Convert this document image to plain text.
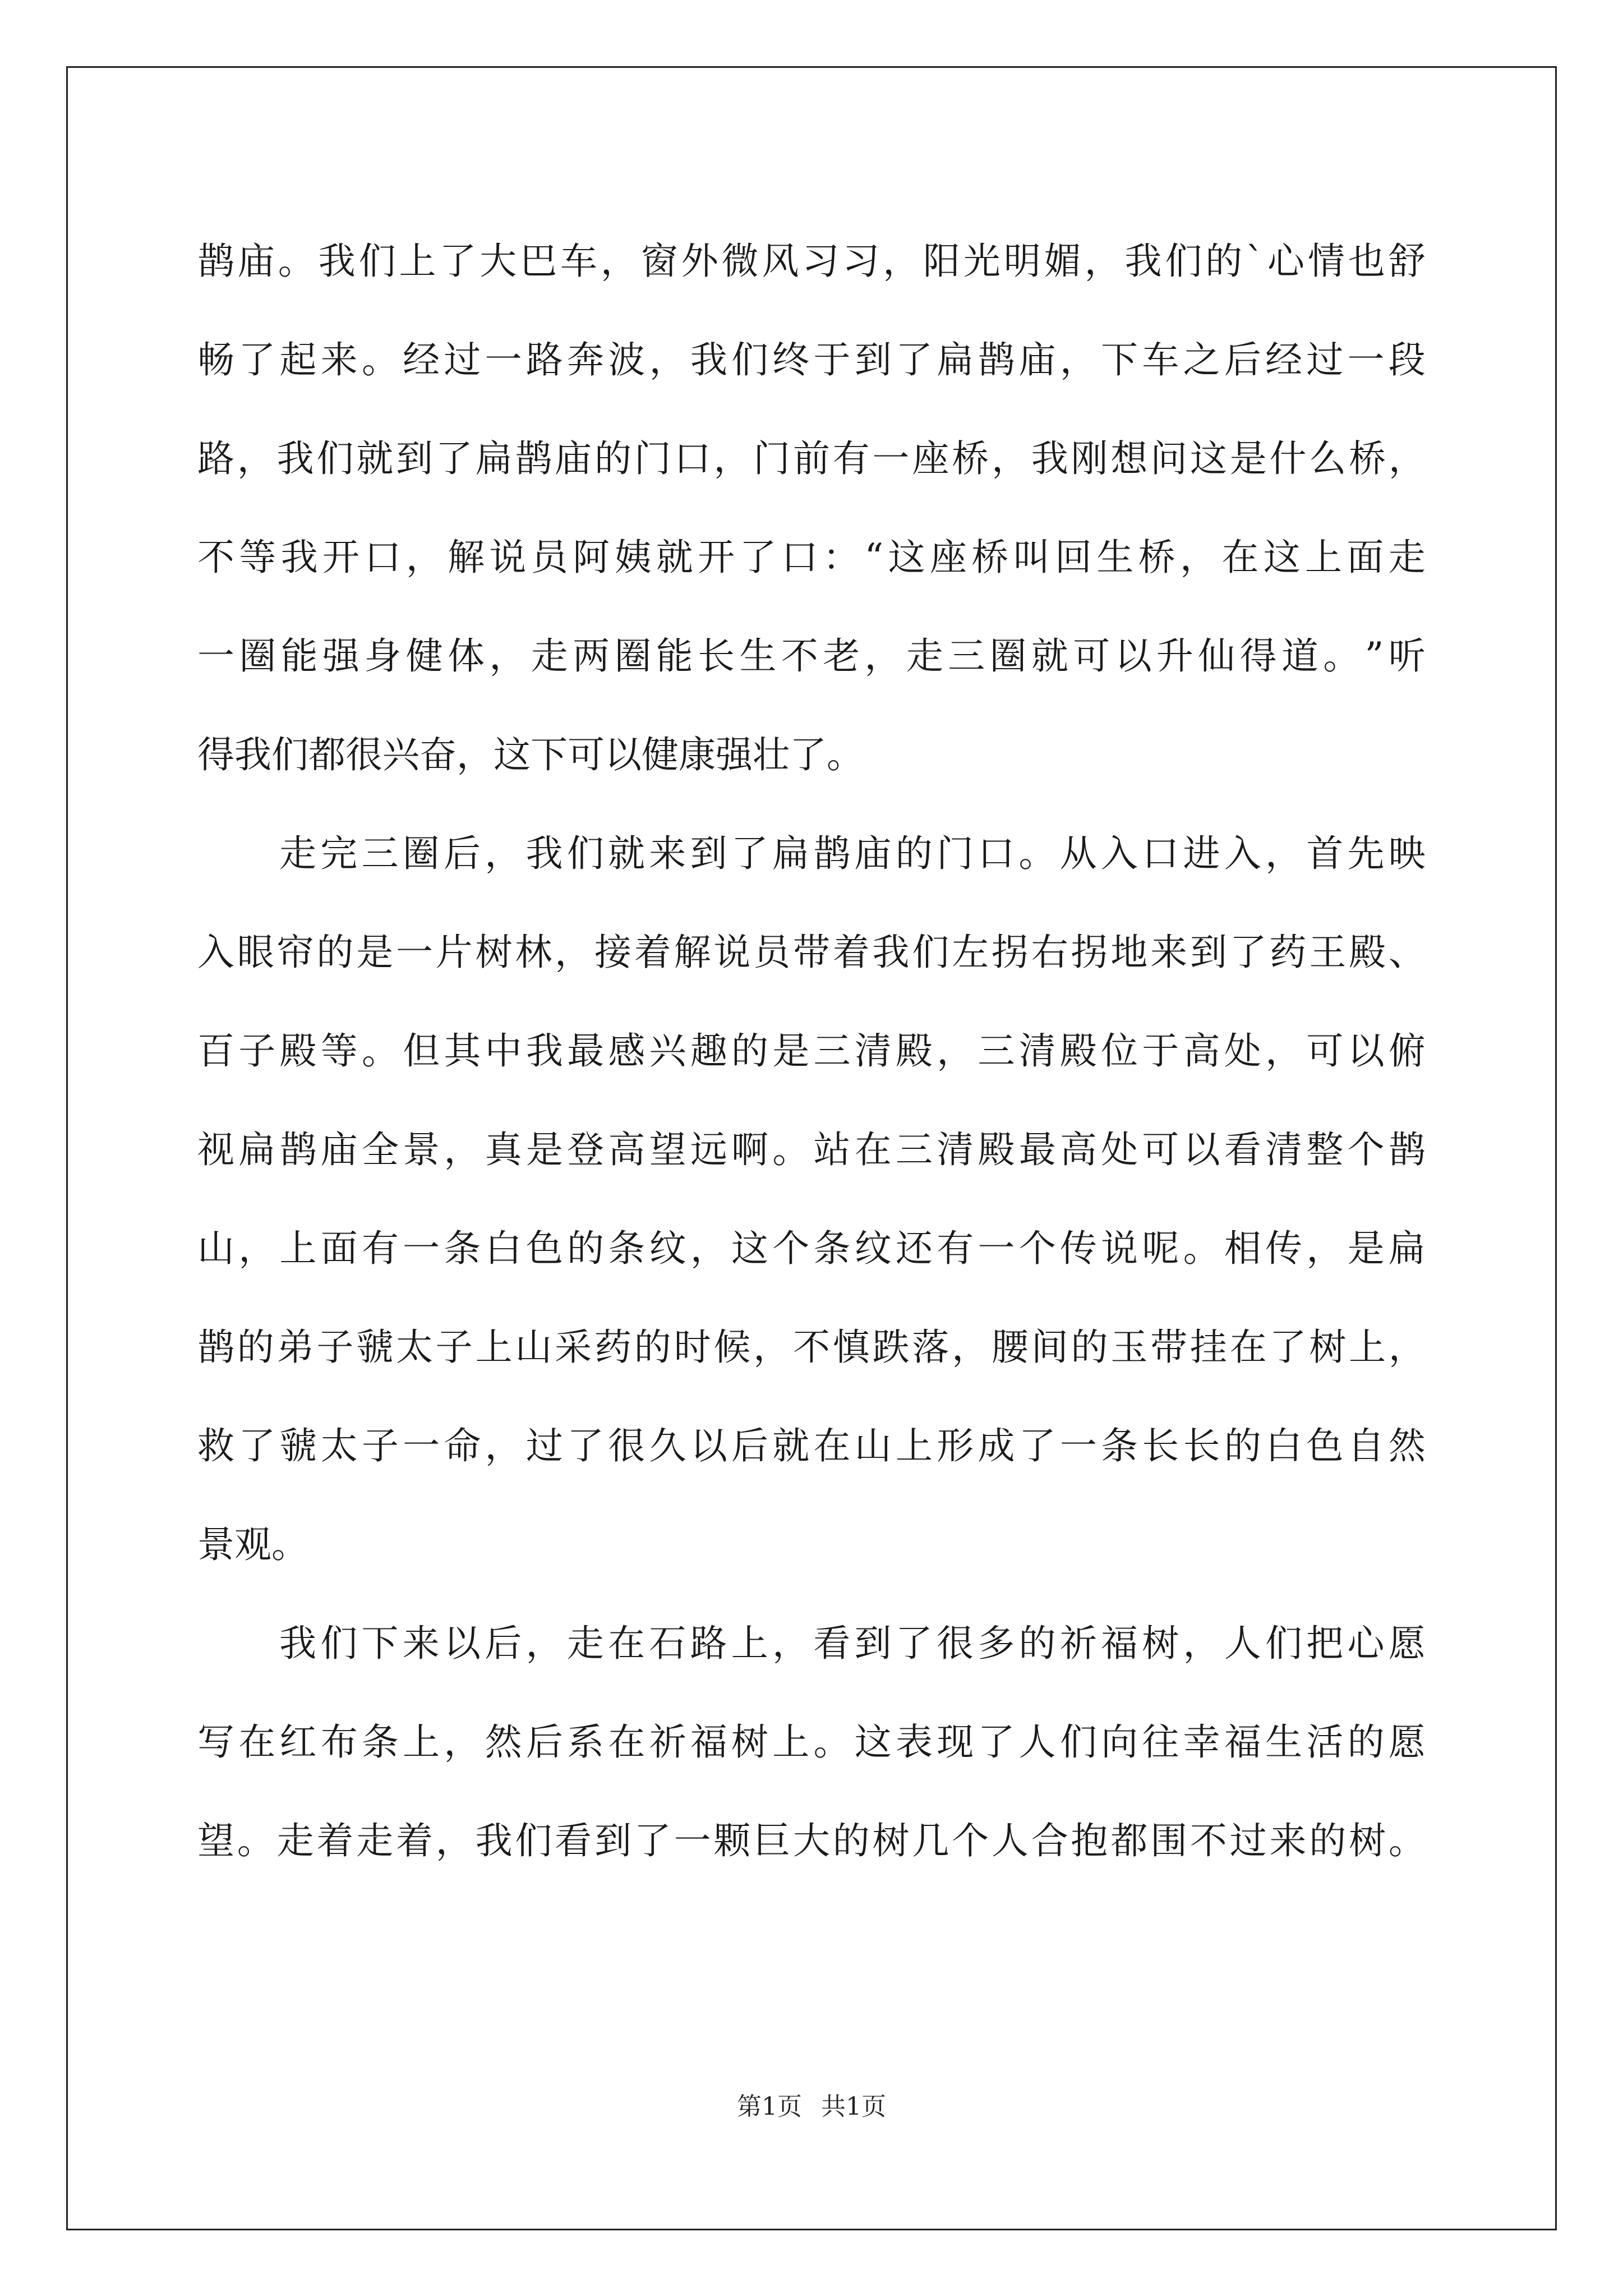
鹊 庙 。 我 们 上 了 大 巴 车 ， 窗 外 微 风 习 习 ， 阳 光 明 媚 ， 我 们 的 ` 心 情 也 舒
畅 了 起 来 。 经 过 一 路 奔 波 ， 我 们 终 于 到 了 扁 鹊 庙 ， 下 车 之 后 经 过 一 段
路 ， 我 们 就 到 了 扁 鹊 庙 的 门 口 ， 门 前 有 一 座 桥 ， 我 刚 想 问 这 是 什 么 桥 ，
不 等 我 开 口 ， 解 说 员 阿 姨 就 开 了 口 ： “ 这 座 桥 叫 回 生 桥 ， 在 这 上 面 走
一 圈 能 强 身 健 体 ， 走 两 圈 能 长 生 不 老 ， 走 三 圈 就 可 以 升 仙 得 道 。 ” 听
得我们都很兴奋，这下可以健康强壮了。
走 完 三 圈 后 ， 我 们 就 来 到 了 扁 鹊 庙 的 门 口 。 从 入 口 进 入 ， 首 先 映
入 眼 帘 的 是 一 片 树 林 ， 接 着 解 说 员 带 着 我 们 左 拐 右 拐 地 来 到 了 药 王 殿 、
百 子 殿 等 。 但 其 中 我 最 感 兴 趣 的 是 三 清 殿 ， 三 清 殿 位 于 高 处 ， 可 以 俯
视 扁 鹊 庙 全 景 ， 真 是 登 高 望 远 啊 。 站 在 三 清 殿 最 高 处 可 以 看 清 整 个 鹊
山 ， 上 面 有 一 条 白 色 的 条 纹 ， 这 个 条 纹 还 有 一 个 传 说 呢 。 相 传 ， 是 扁
鹊 的 弟 子 虢 太 子 上 山 采 药 的 时 候 ， 不 慎 跌 落 ， 腰 间 的 玉 带 挂 在 了 树 上 ，
救 了 虢 太 子 一 命 ， 过 了 很 久 以 后 就 在 山 上 形 成 了 一 条 长 长 的 白 色 自 然
景观。
我 们 下 来 以 后 ， 走 在 石 路 上 ， 看 到 了 很 多 的 祈 福 树 ， 人 们 把 心 愿
写 在 红 布 条 上 ， 然 后 系 在 祈 福 树 上 。 这 表 现 了 人 们 向 往 幸 福 生 活 的 愿
望 。 走 着 走 着 ， 我 们 看 到 了 一 颗 巨 大 的 树 几 个 人 合 抱 都 围 不 过 来 的 树 。
第1页 共1页
